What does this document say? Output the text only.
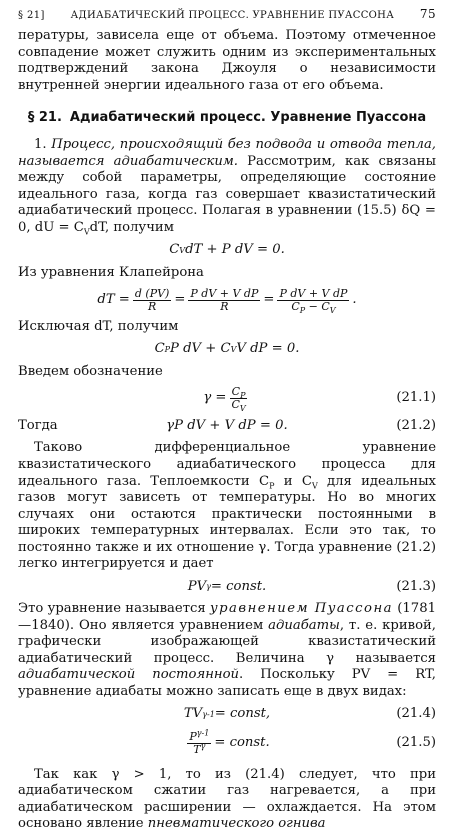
§ 21]	АДИАБАТИЧЕСКИЙ ПРОЦЕСС. УРАВНЕНИЕ ПУАССОНА 75

пературы, зависела еще от объема. Поэтому отмеченное совпадение может служить одним из экспериментальных подтверждений закона Джоуля о независимости внутренней энергии идеального газа от его объема.

§ 21. Адиабатический процесс. Уравнение Пуассона

1. Процесс, происходящий без подвода и отвода тепла, называется адиабатическим. Рассмотрим, как связаны между собой параметры, определяющие состояние идеального газа, когда газ совершает квазистатический адиабатический процесс. Полагая в уравнении (15.5) δQ = 0, dU = $C_VdT$, получим

C V dT + P dV = 0.

Из уравнения Клапейрона

dT = $\frac{d (PV)}{R} = \frac{\text{P dV + V dP}}{R} = \frac{\text{P dV + V dP}}{C_P - C_V}$ .

Исключая dT, получим

C P P dV + C V V dP = 0.

Введем обозначение

$\gamma = \frac{C_P}{C_V}$	(21.1)
Тогда	γP dV + V dP = 0.	(21.2)

Таково дифференциальное уравнение квазистатического адиабатического процесса для идеального газа. Теплоемкости $C_P$ и $C_V$ для идеальных газов могут зависеть от температуры. Но во многих случаях они остаются практически постоянными в широких температурных интервалах. Если это так, то постоянно также и их отношение γ. Тогда уравнение (21.2) легко интегрируется и дает

PV γ = const.	(21.3)

Это уравнение называется уравнением Пуассона (1781—1840). Оно является уравнением адиабаты, т. е. кривой, графически изображающей квазистатический адиабатический процесс. Величина γ называется адиабатической постоянной. Поскольку PV = RT, уравнение адиабаты можно записать еще в двух видах:

TV γ-1 = const,	(21.4)
$\frac{P^{\gamma-1}}{T^\gamma}$ = const.	(21.5)

Так как γ > 1, то из (21.4) следует, что при адиабатическом сжатии газ нагревается, а при адиабатическом расширении — охлаждается. На этом основано явление пневматического огнива
